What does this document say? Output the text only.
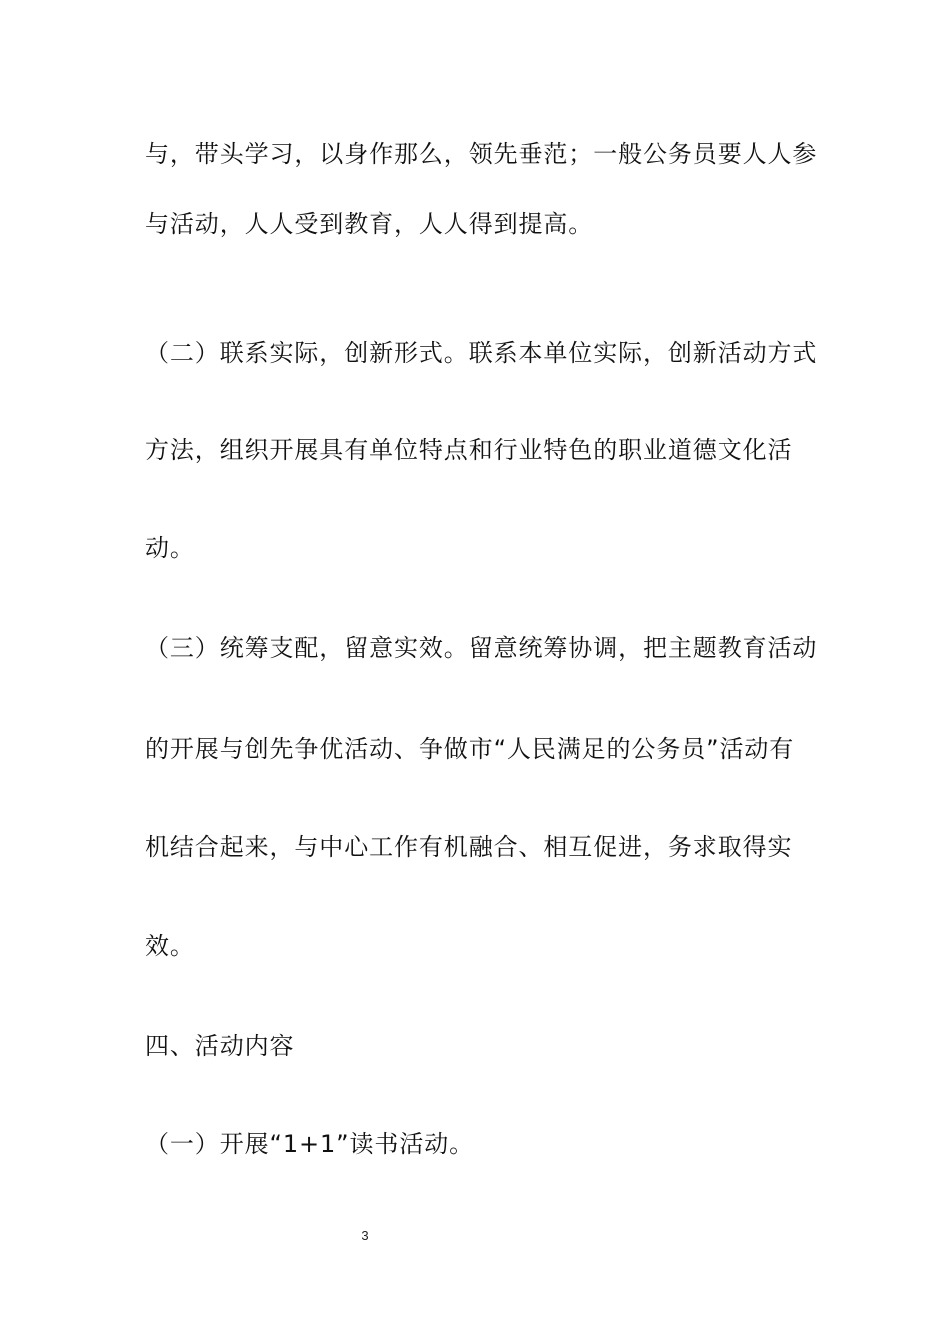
与，带头学习，以身作那么，领先垂范；一般公务员要人人参
与活动，人人受到教育，人人得到提高。
（二）联系实际，创新形式。联系本单位实际，创新活动方式
方法，组织开展具有单位特点和行业特色的职业道德文化活
动。
（三）统筹支配，留意实效。留意统筹协调，把主题教育活动
的开展与创先争优活动、争做市“人民满足的公务员”活动有
机结合起来，与中心工作有机融合、相互促进，务求取得实
效。
四、活动内容
（一）开展“1+1”读书活动。
3
